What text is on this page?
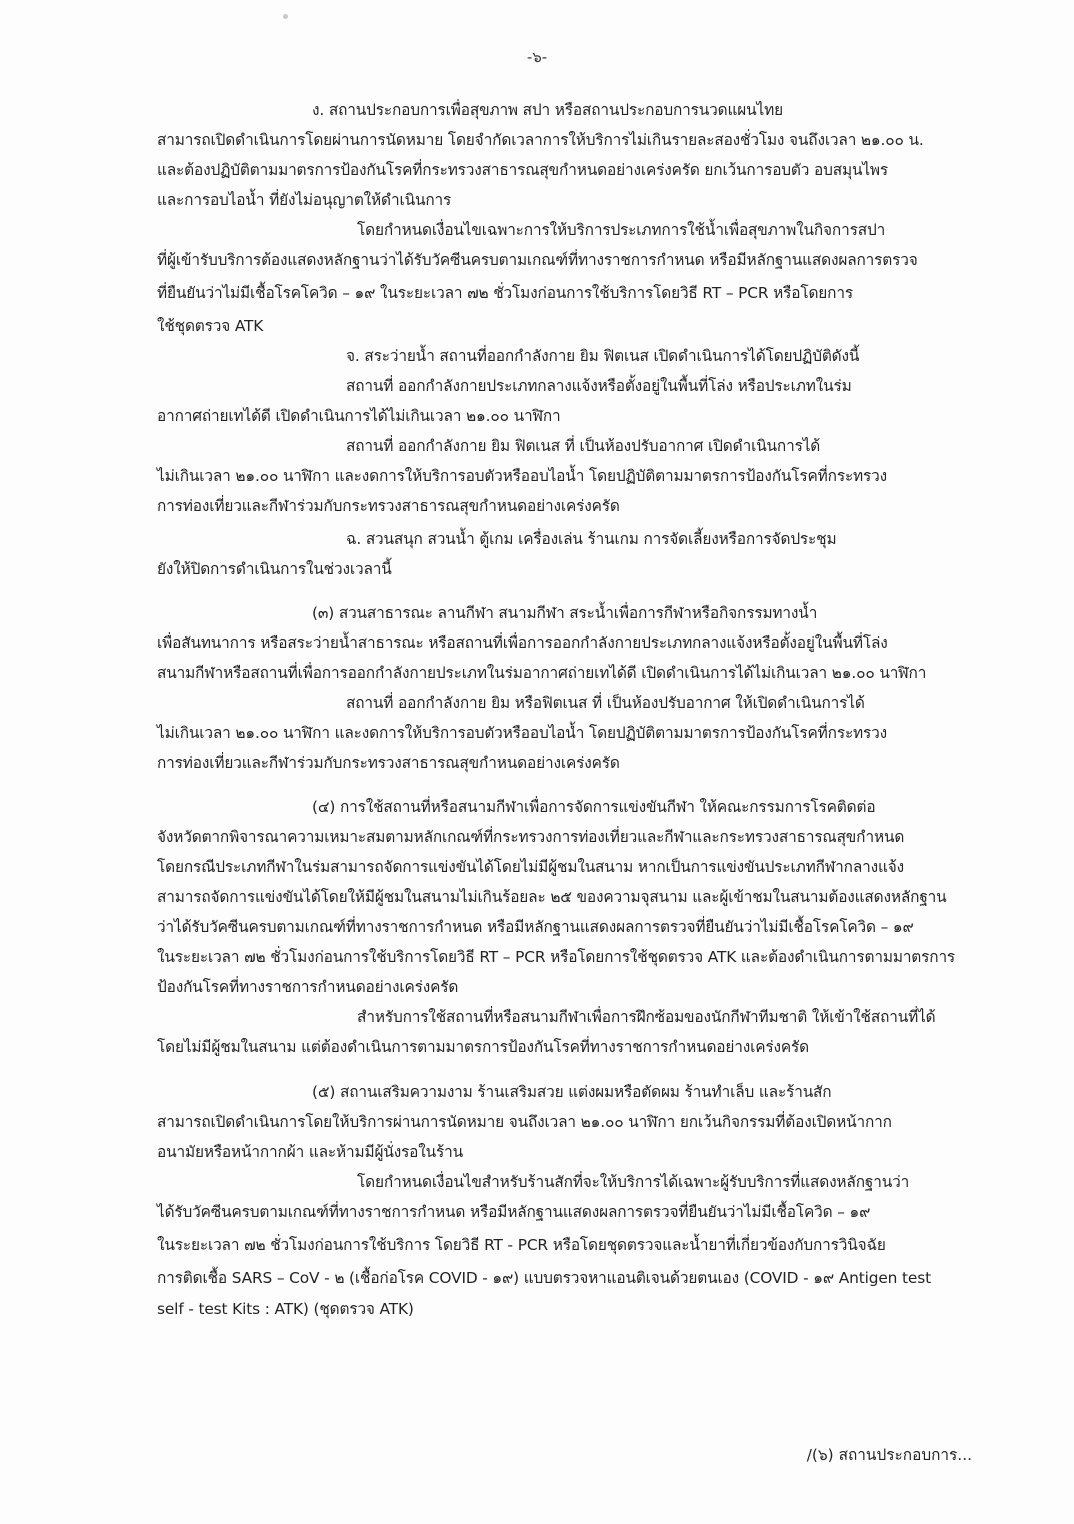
-๖-
ง. สถานประกอบการเพื่อสุขภาพ สปา หรือสถานประกอบการนวดแผนไทย
สามารถเปิดดำเนินการโดยผ่านการนัดหมาย โดยจำกัดเวลาการให้บริการไม่เกินรายละสองชั่วโมง จนถึงเวลา ๒๑.๐๐ น.
และต้องปฏิบัติตามมาตรการป้องกันโรคที่กระทรวงสาธารณสุขกำหนดอย่างเคร่งครัด ยกเว้นการอบตัว อบสมุนไพร
และการอบไอน้ำ ที่ยังไม่อนุญาตให้ดำเนินการ
โดยกำหนดเงื่อนไขเฉพาะการให้บริการประเภทการใช้น้ำเพื่อสุขภาพในกิจการสปา
ที่ผู้เข้ารับบริการต้องแสดงหลักฐานว่าได้รับวัคซีนครบตามเกณฑ์ที่ทางราชการกำหนด หรือมีหลักฐานแสดงผลการตรวจ
ที่ยืนยันว่าไม่มีเชื้อโรคโควิด – ๑๙ ในระยะเวลา ๗๒ ชั่วโมงก่อนการใช้บริการโดยวิธี RT – PCR หรือโดยการ
ใช้ชุดตรวจ ATK
จ. สระว่ายน้ำ สถานที่ออกกำลังกาย ยิม ฟิตเนส เปิดดำเนินการได้โดยปฏิบัติดังนี้
สถานที่ ออกกำลังกายประเภทกลางแจ้งหรือตั้งอยู่ในพื้นที่โล่ง หรือประเภทในร่ม
อากาศถ่ายเทได้ดี เปิดดำเนินการได้ไม่เกินเวลา ๒๑.๐๐ นาฬิกา
สถานที่ ออกกำลังกาย ยิม ฟิตเนส ที่ เป็นห้องปรับอากาศ เปิดดำเนินการได้
ไม่เกินเวลา ๒๑.๐๐ นาฬิกา และงดการให้บริการอบตัวหรืออบไอน้ำ โดยปฏิบัติตามมาตรการป้องกันโรคที่กระทรวง
การท่องเที่ยวและกีฬาร่วมกับกระทรวงสาธารณสุขกำหนดอย่างเคร่งครัด
ฉ. สวนสนุก สวนน้ำ ตู้เกม เครื่องเล่น ร้านเกม การจัดเลี้ยงหรือการจัดประชุม
ยังให้ปิดการดำเนินการในช่วงเวลานี้
(๓) สวนสาธารณะ ลานกีฬา สนามกีฬา สระน้ำเพื่อการกีฬาหรือกิจกรรมทางน้ำ
เพื่อสันทนาการ หรือสระว่ายน้ำสาธารณะ หรือสถานที่เพื่อการออกกำลังกายประเภทกลางแจ้งหรือตั้งอยู่ในพื้นที่โล่ง
สนามกีฬาหรือสถานที่เพื่อการออกกำลังกายประเภทในร่มอากาศถ่ายเทได้ดี เปิดดำเนินการได้ไม่เกินเวลา ๒๑.๐๐ นาฬิกา
สถานที่ ออกกำลังกาย ยิม หรือฟิตเนส ที่ เป็นห้องปรับอากาศ ให้เปิดดำเนินการได้
ไม่เกินเวลา ๒๑.๐๐ นาฬิกา และงดการให้บริการอบตัวหรืออบไอน้ำ โดยปฏิบัติตามมาตรการป้องกันโรคที่กระทรวง
การท่องเที่ยวและกีฬาร่วมกับกระทรวงสาธารณสุขกำหนดอย่างเคร่งครัด
(๔) การใช้สถานที่หรือสนามกีฬาเพื่อการจัดการแข่งขันกีฬา ให้คณะกรรมการโรคติดต่อ
จังหวัดตากพิจารณาความเหมาะสมตามหลักเกณฑ์ที่กระทรวงการท่องเที่ยวและกีฬาและกระทรวงสาธารณสุขกำหนด
โดยกรณีประเภทกีฬาในร่มสามารถจัดการแข่งขันได้โดยไม่มีผู้ชมในสนาม หากเป็นการแข่งขันประเภทกีฬากลางแจ้ง
สามารถจัดการแข่งขันได้โดยให้มีผู้ชมในสนามไม่เกินร้อยละ ๒๕ ของความจุสนาม และผู้เข้าชมในสนามต้องแสดงหลักฐาน
ว่าได้รับวัคซีนครบตามเกณฑ์ที่ทางราชการกำหนด หรือมีหลักฐานแสดงผลการตรวจที่ยืนยันว่าไม่มีเชื้อโรคโควิด – ๑๙
ในระยะเวลา ๗๒ ชั่วโมงก่อนการใช้บริการโดยวิธี RT – PCR หรือโดยการใช้ชุดตรวจ ATK และต้องดำเนินการตามมาตรการ
ป้องกันโรคที่ทางราชการกำหนดอย่างเคร่งครัด
สำหรับการใช้สถานที่หรือสนามกีฬาเพื่อการฝึกซ้อมของนักกีฬาทีมชาติ ให้เข้าใช้สถานที่ได้
โดยไม่มีผู้ชมในสนาม แต่ต้องดำเนินการตามมาตรการป้องกันโรคที่ทางราชการกำหนดอย่างเคร่งครัด
(๕) สถานเสริมความงาม ร้านเสริมสวย แต่งผมหรือตัดผม ร้านทำเล็บ และร้านสัก
สามารถเปิดดำเนินการโดยให้บริการผ่านการนัดหมาย จนถึงเวลา ๒๑.๐๐ นาฬิกา ยกเว้นกิจกรรมที่ต้องเปิดหน้ากาก
อนามัยหรือหน้ากากผ้า และห้ามมีผู้นั่งรอในร้าน
โดยกำหนดเงื่อนไขสำหรับร้านสักที่จะให้บริการได้เฉพาะผู้รับบริการที่แสดงหลักฐานว่า
ได้รับวัคซีนครบตามเกณฑ์ที่ทางราชการกำหนด หรือมีหลักฐานแสดงผลการตรวจที่ยืนยันว่าไม่มีเชื้อโควิด – ๑๙
ในระยะเวลา ๗๒ ชั่วโมงก่อนการใช้บริการ โดยวิธี RT - PCR หรือโดยชุดตรวจและน้ำยาที่เกี่ยวข้องกับการวินิจฉัย
การติดเชื้อ SARS – CoV - ๒ (เชื้อก่อโรค COVID - ๑๙) แบบตรวจหาแอนติเจนด้วยตนเอง (COVID - ๑๙ Antigen test
self - test Kits : ATK) (ชุดตรวจ ATK)
/(๖) สถานประกอบการ...
